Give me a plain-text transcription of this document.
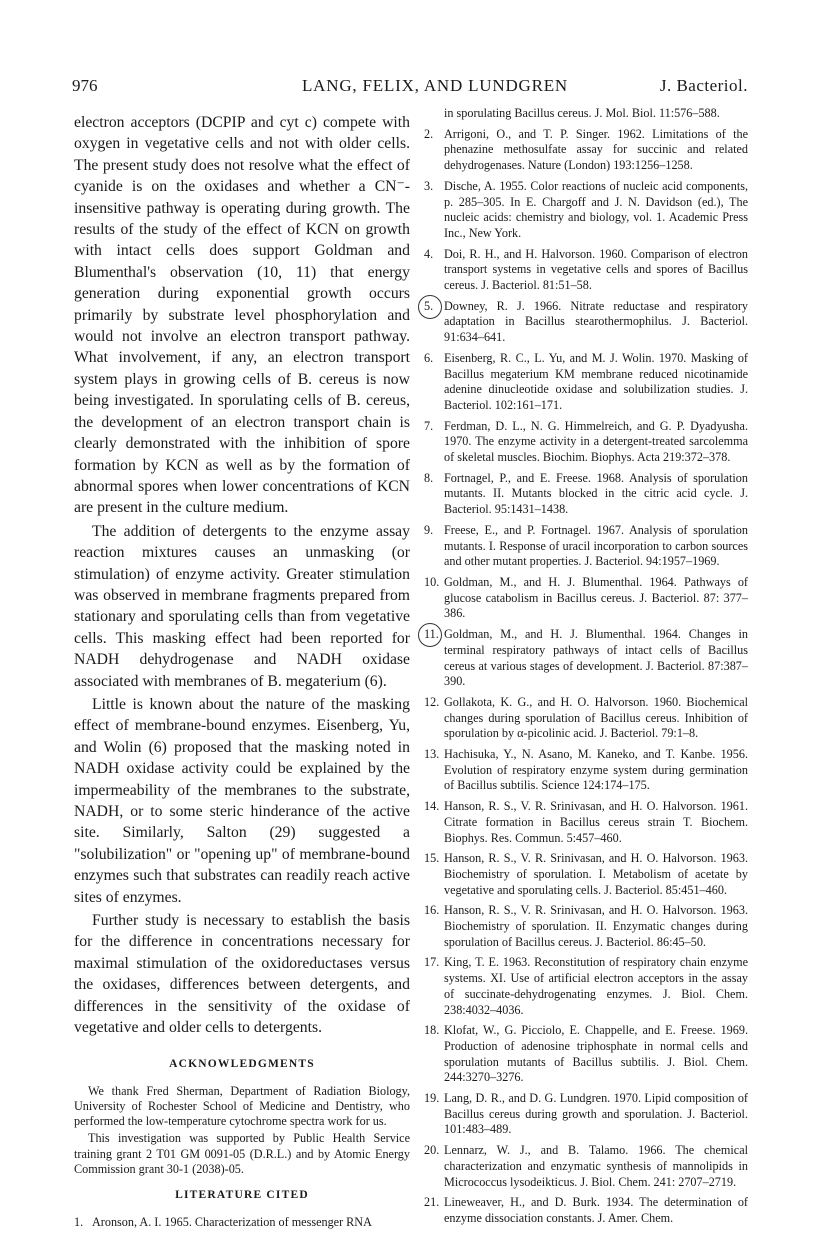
976	LANG, FELIX, AND LUNDGREN	J. Bacteriol.

electron acceptors (DCPIP and cyt c) compete with oxygen in vegetative cells and not with older cells. The present study does not resolve what the effect of cyanide is on the oxidases and whether a CN⁻-insensitive pathway is operating during growth. The results of the study of the effect of KCN on growth with intact cells does support Goldman and Blumenthal's observation (10, 11) that energy generation during exponential growth occurs primarily by substrate level phosphorylation and would not involve an electron transport pathway. What involvement, if any, an electron transport system plays in growing cells of B. cereus is now being investigated. In sporulating cells of B. cereus, the development of an electron transport chain is clearly demonstrated with the inhibition of spore formation by KCN as well as by the formation of abnormal spores when lower concentrations of KCN are present in the culture medium.

The addition of detergents to the enzyme assay reaction mixtures causes an unmasking (or stimulation) of enzyme activity. Greater stimulation was observed in membrane fragments prepared from stationary and sporulating cells than from vegetative cells. This masking effect had been reported for NADH dehydrogenase and NADH oxidase associated with membranes of B. megaterium (6).

Little is known about the nature of the masking effect of membrane-bound enzymes. Eisenberg, Yu, and Wolin (6) proposed that the masking noted in NADH oxidase activity could be explained by the impermeability of the membranes to the substrate, NADH, or to some steric hinderance of the active site. Similarly, Salton (29) suggested a "solubilization" or "opening up" of membrane-bound enzymes such that substrates can readily reach active sites of enzymes.

Further study is necessary to establish the basis for the difference in concentrations necessary for maximal stimulation of the oxidoreductases versus the oxidases, differences between detergents, and differences in the sensitivity of the oxidase of vegetative and older cells to detergents.

ACKNOWLEDGMENTS

We thank Fred Sherman, Department of Radiation Biology, University of Rochester School of Medicine and Dentistry, who performed the low-temperature cytochrome spectra work for us.

This investigation was supported by Public Health Service training grant 2 T01 GM 0091-05 (D.R.L.) and by Atomic Energy Commission grant 30-1 (2038)-05.

LITERATURE CITED
1. Aronson, A. I. 1965. Characterization of messenger RNA
in sporulating Bacillus cereus. J. Mol. Biol. 11:576–588.
2. Arrigoni, O., and T. P. Singer. 1962. Limitations of the phenazine methosulfate assay for succinic and related dehydrogenases. Nature (London) 193:1256–1258.
3. Dische, A. 1955. Color reactions of nucleic acid components, p. 285–305. In E. Chargoff and J. N. Davidson (ed.), The nucleic acids: chemistry and biology, vol. 1. Academic Press Inc., New York.
4. Doi, R. H., and H. Halvorson. 1960. Comparison of electron transport systems in vegetative cells and spores of Bacillus cereus. J. Bacteriol. 81:51–58.
5. Downey, R. J. 1966. Nitrate reductase and respiratory adaptation in Bacillus stearothermophilus. J. Bacteriol. 91:634–641.
6. Eisenberg, R. C., L. Yu, and M. J. Wolin. 1970. Masking of Bacillus megaterium KM membrane reduced nicotinamide adenine dinucleotide oxidase and solubilization studies. J. Bacteriol. 102:161–171.
7. Ferdman, D. L., N. G. Himmelreich, and G. P. Dyadyusha. 1970. The enzyme activity in a detergent-treated sarcolemma of skeletal muscles. Biochim. Biophys. Acta 219:372–378.
8. Fortnagel, P., and E. Freese. 1968. Analysis of sporulation mutants. II. Mutants blocked in the citric acid cycle. J. Bacteriol. 95:1431–1438.
9. Freese, E., and P. Fortnagel. 1967. Analysis of sporulation mutants. I. Response of uracil incorporation to carbon sources and other mutant properties. J. Bacteriol. 94:1957–1969.
10. Goldman, M., and H. J. Blumenthal. 1964. Pathways of glucose catabolism in Bacillus cereus. J. Bacteriol. 87: 377–386.
11. Goldman, M., and H. J. Blumenthal. 1964. Changes in terminal respiratory pathways of intact cells of Bacillus cereus at various stages of development. J. Bacteriol. 87:387–390.
12. Gollakota, K. G., and H. O. Halvorson. 1960. Biochemical changes during sporulation of Bacillus cereus. Inhibition of sporulation by α-picolinic acid. J. Bacteriol. 79:1–8.
13. Hachisuka, Y., N. Asano, M. Kaneko, and T. Kanbe. 1956. Evolution of respiratory enzyme system during germination of Bacillus subtilis. Science 124:174–175.
14. Hanson, R. S., V. R. Srinivasan, and H. O. Halvorson. 1961. Citrate formation in Bacillus cereus strain T. Biochem. Biophys. Res. Commun. 5:457–460.
15. Hanson, R. S., V. R. Srinivasan, and H. O. Halvorson. 1963. Biochemistry of sporulation. I. Metabolism of acetate by vegetative and sporulating cells. J. Bacteriol. 85:451–460.
16. Hanson, R. S., V. R. Srinivasan, and H. O. Halvorson. 1963. Biochemistry of sporulation. II. Enzymatic changes during sporulation of Bacillus cereus. J. Bacteriol. 86:45–50.
17. King, T. E. 1963. Reconstitution of respiratory chain enzyme systems. XI. Use of artificial electron acceptors in the assay of succinate-dehydrogenating enzymes. J. Biol. Chem. 238:4032–4036.
18. Klofat, W., G. Picciolo, E. Chappelle, and E. Freese. 1969. Production of adenosine triphosphate in normal cells and sporulation mutants of Bacillus subtilis. J. Biol. Chem. 244:3270–3276.
19. Lang, D. R., and D. G. Lundgren. 1970. Lipid composition of Bacillus cereus during growth and sporulation. J. Bacteriol. 101:483–489.
20. Lennarz, W. J., and B. Talamo. 1966. The chemical characterization and enzymatic synthesis of mannolipids in Micrococcus lysodeikticus. J. Biol. Chem. 241: 2707–2719.
21. Lineweaver, H., and D. Burk. 1934. The determination of enzyme dissociation constants. J. Amer. Chem.
